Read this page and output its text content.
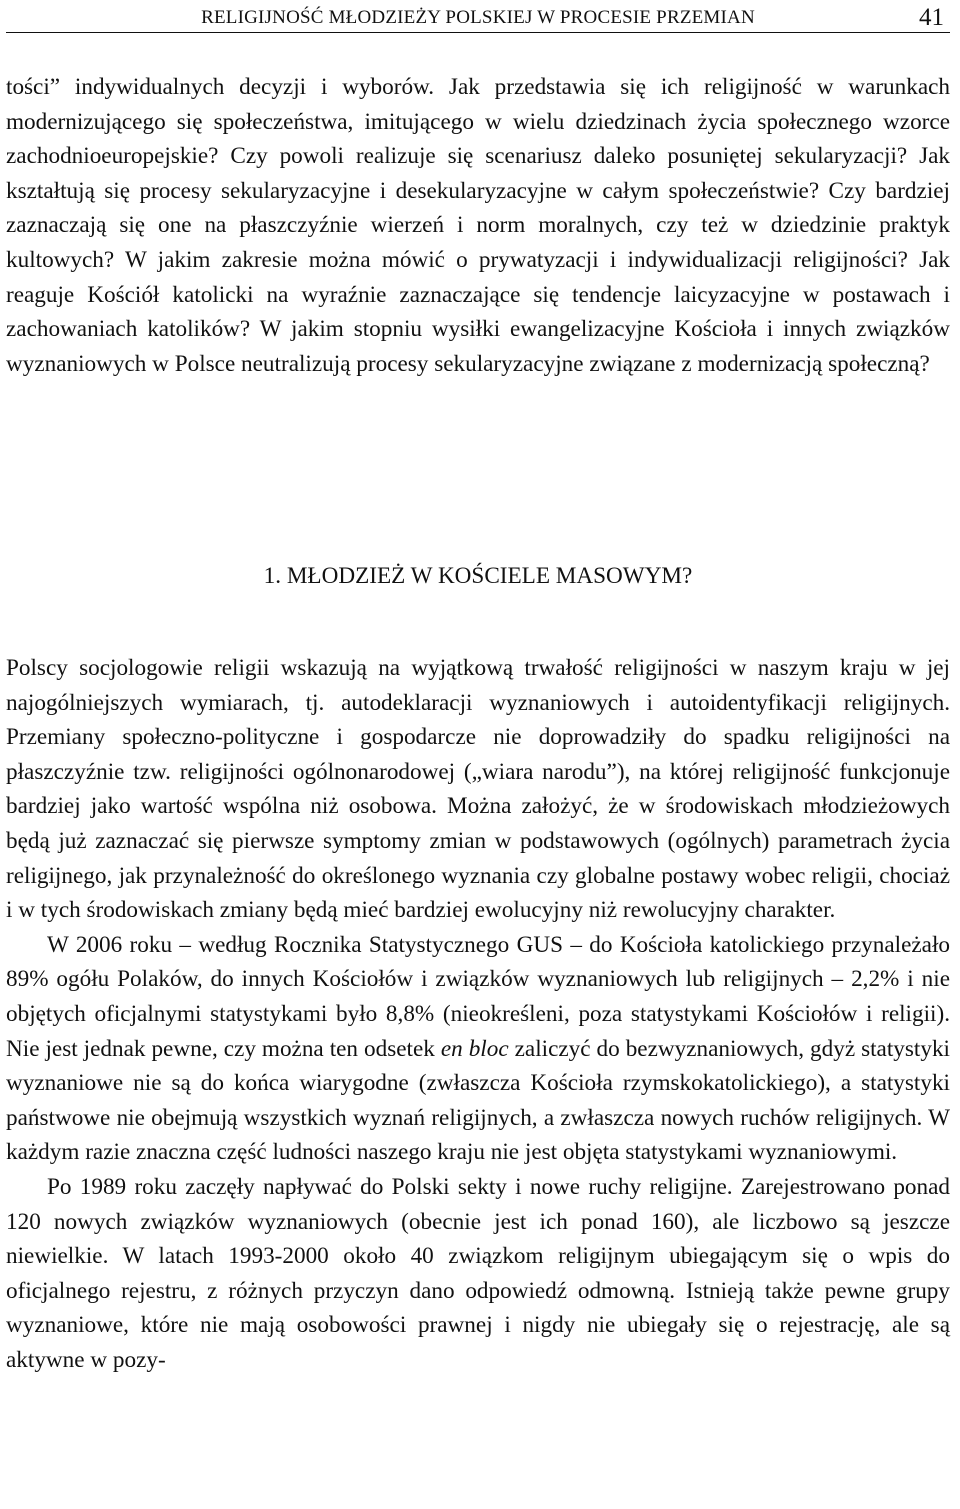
RELIGIJNOŚĆ MŁODZIEŻY POLSKIEJ W PROCESIE PRZEMIAN	41

tości” indywidualnych decyzji i wyborów. Jak przedstawia się ich religijność w warunkach modernizującego się społeczeństwa, imitującego w wielu dziedzinach życia społecznego wzorce zachodnioeuropejskie? Czy powoli realizuje się scenariusz daleko posuniętej sekularyzacji? Jak kształtują się procesy sekularyzacyjne i desekularyzacyjne w całym społeczeństwie? Czy bardziej zaznaczają się one na płaszczyźnie wierzeń i norm moralnych, czy też w dziedzinie praktyk kultowych? W jakim zakresie można mówić o prywatyzacji i indywidualizacji religijności? Jak reaguje Kościół katolicki na wyraźnie zaznaczające się tendencje laicyzacyjne w postawach i zachowaniach katolików? W jakim stopniu wysiłki ewangelizacyjne Kościoła i innych związków wyznaniowych w Polsce neutralizują procesy sekularyzacyjne związane z modernizacją społeczną?

1. MŁODZIEŻ W KOŚCIELE MASOWYM?

Polscy socjologowie religii wskazują na wyjątkową trwałość religijności w naszym kraju w jej najogólniejszych wymiarach, tj. autodeklaracji wyznaniowych i autoidentyfikacji religijnych. Przemiany społeczno-polityczne i gospodarcze nie doprowadziły do spadku religijności na płaszczyźnie tzw. religijności ogólnonarodowej („wiara narodu”), na której religijność funkcjonuje bardziej jako wartość wspólna niż osobowa. Można założyć, że w środowiskach młodzieżowych będą już zaznaczać się pierwsze symptomy zmian w podstawowych (ogólnych) parametrach życia religijnego, jak przynależność do określonego wyznania czy globalne postawy wobec religii, chociaż i w tych środowiskach zmiany będą mieć bardziej ewolucyjny niż rewolucyjny charakter.

W 2006 roku – według Rocznika Statystycznego GUS – do Kościoła katolickiego przynależało 89% ogółu Polaków, do innych Kościołów i związków wyznaniowych lub religijnych – 2,2% i nie objętych oficjalnymi statystykami było 8,8% (nieokreśleni, poza statystykami Kościołów i religii). Nie jest jednak pewne, czy można ten odsetek en bloc zaliczyć do bezwyznaniowych, gdyż statystyki wyznaniowe nie są do końca wiarygodne (zwłaszcza Kościoła rzymskokatolickiego), a statystyki państwowe nie obejmują wszystkich wyznań religijnych, a zwłaszcza nowych ruchów religijnych. W każdym razie znaczna część ludności naszego kraju nie jest objęta statystykami wyznaniowymi.

Po 1989 roku zaczęły napływać do Polski sekty i nowe ruchy religijne. Zarejestrowano ponad 120 nowych związków wyznaniowych (obecnie jest ich ponad 160), ale liczbowo są jeszcze niewielkie. W latach 1993-2000 około 40 związkom religijnym ubiegającym się o wpis do oficjalnego rejestru, z różnych przyczyn dano odpowiedź odmowną. Istnieją także pewne grupy wyznaniowe, które nie mają osobowości prawnej i nigdy nie ubiegały się o rejestrację, ale są aktywne w pozy-
